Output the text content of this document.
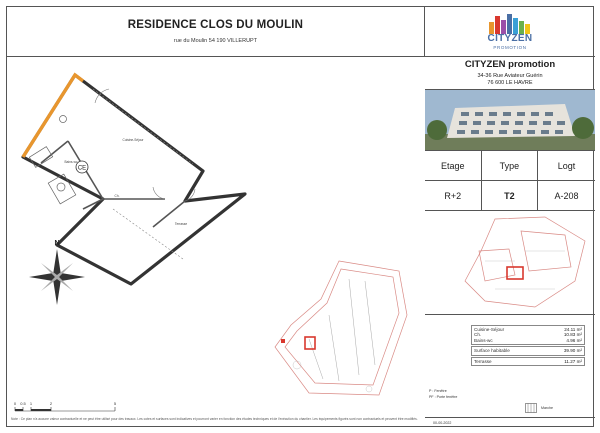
RESIDENCE CLOS DU MOULIN
rue du Moulin 54 190 VILLERUPT
CE
Cuisine-Séjour
Ch.
Terrasse
Bains-wc
N
0 0.5 1	2	5
Note : Ce plan n'a aucune valeur contractuelle et ne peut être utilisé pour des travaux. Les cotes et surfaces sont indicatives et pourront varier en fonction des études techniques et de l'exécution du chantier. Les équipements figurés sont non contractuels et peuvent être modifiés.
CITYZEN
PROMOTION
CITYZEN promotion
34-36 Rue Aviateur Guérin
76 600 LE HAVRE
Etage	Type	Logt
R+2	T2	A-208
Cuisine-Séjour	24.11 m²
Ch.	10.83 m²
Bains-wc	4.96 m²
Surface habitable	39.90 m²
Terrasse	11.27 m²
P : Fenêtre
PF : Porte fenêtre
Marche
00-00-2022
